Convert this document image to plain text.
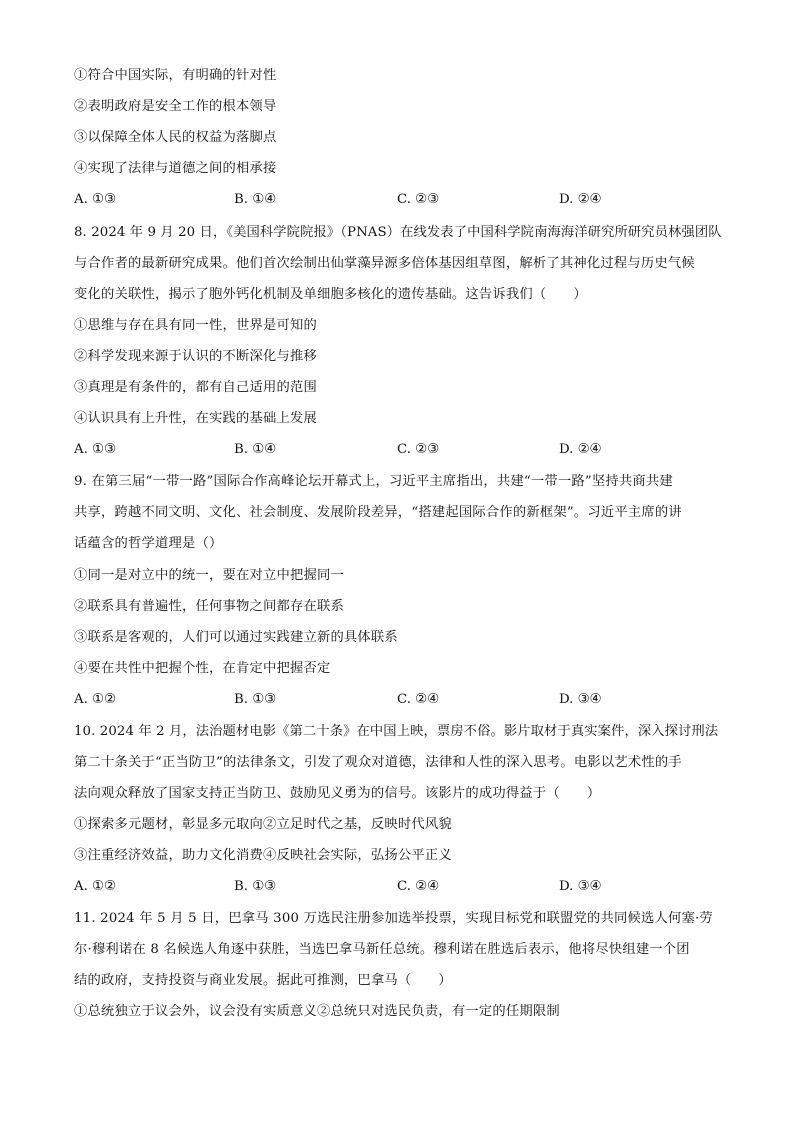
①符合中国实际，有明确的针对性
②表明政府是安全工作的根本领导
③以保障全体人民的权益为落脚点
④实现了法律与道德之间的相承接
A. ①③	B. ①④	C. ②③	D. ②④
8. 2024 年 9 月 20 日，《美国科学院院报》（PNAS）在线发表了中国科学院南海海洋研究所研究员林强团队
与合作者的最新研究成果。他们首次绘制出仙掌藻异源多倍体基因组草图，解析了其神化过程与历史气候
变化的关联性，揭示了胞外钙化机制及单细胞多核化的遗传基础。这告诉我们（　　）
①思维与存在具有同一性，世界是可知的
②科学发现来源于认识的不断深化与推移
③真理是有条件的，都有自己适用的范围
④认识具有上升性，在实践的基础上发展
A. ①③	B. ①④	C. ②③	D. ②④
9. 在第三届“一带一路”国际合作高峰论坛开幕式上，习近平主席指出，共建“一带一路”坚持共商共建
共享，跨越不同文明、文化、社会制度、发展阶段差异，“搭建起国际合作的新框架”。习近平主席的讲
话蕴含的哲学道理是（）
①同一是对立中的统一，要在对立中把握同一
②联系具有普遍性，任何事物之间都存在联系
③联系是客观的，人们可以通过实践建立新的具体联系
④要在共性中把握个性，在肯定中把握否定
A. ①②	B. ①③	C. ②④	D. ③④
10. 2024 年 2 月，法治题材电影《第二十条》在中国上映，票房不俗。影片取材于真实案件，深入探讨刑法
第二十条关于“正当防卫”的法律条文，引发了观众对道德，法律和人性的深入思考。电影以艺术性的手
法向观众释放了国家支持正当防卫、鼓励见义勇为的信号。该影片的成功得益于（　　）
①探索多元题材，彰显多元取向②立足时代之基，反映时代风貌
③注重经济效益，助力文化消费④反映社会实际，弘扬公平正义
A. ①②	B. ①③	C. ②④	D. ③④
11. 2024 年 5 月 5 日，巴拿马 300 万选民注册参加选举投票，实现目标党和联盟党的共同候选人何塞·劳
尔·穆利诺在 8 名候选人角逐中获胜，当选巴拿马新任总统。穆利诺在胜选后表示，他将尽快组建一个团
结的政府，支持投资与商业发展。据此可推测，巴拿马（　　）
①总统独立于议会外，议会没有实质意义②总统只对选民负责，有一定的任期限制
